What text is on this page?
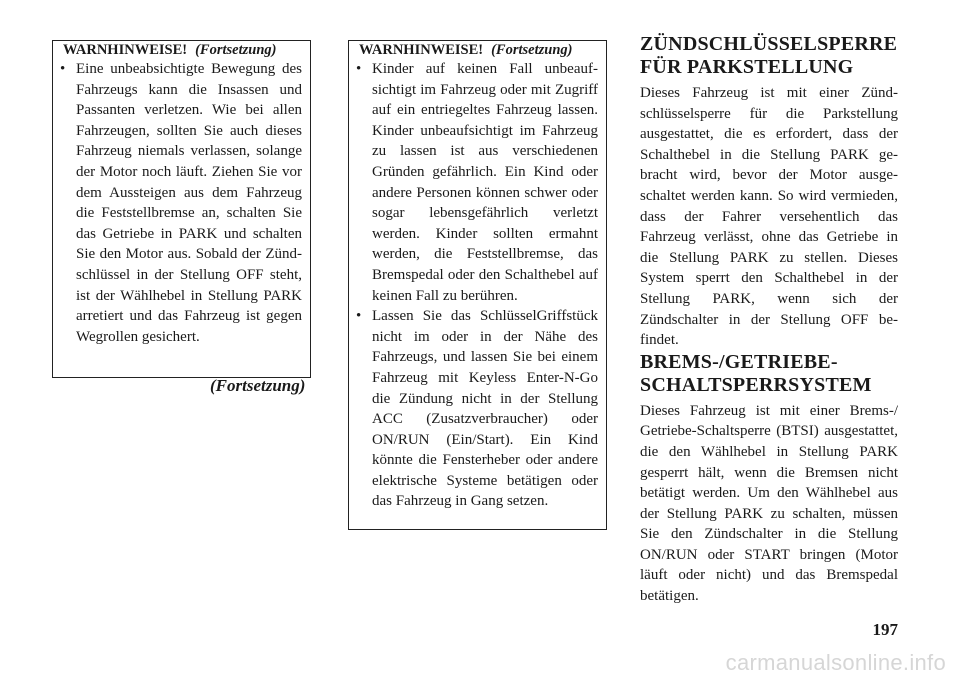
WARNHINWEISE! (Fortsetzung)
• Eine unbeabsichtigte Bewegung des Fahrzeugs kann die Insassen und Passanten verletzen. Wie bei allen Fahrzeugen, sollten Sie auch dieses Fahrzeug niemals verlassen, solange der Motor noch läuft. Ziehen Sie vor dem Aussteigen aus dem Fahrzeug die Feststellbremse an, schalten Sie das Getriebe in PARK und schalten Sie den Motor aus. Sobald der Zündschlüssel in der Stellung OFF steht, ist der Wählhebel in Stellung PARK arretiert und das Fahrzeug ist gegen Wegrollen gesichert.
(Fortsetzung)
WARNHINWEISE! (Fortsetzung)
• Kinder auf keinen Fall unbeaufsichtigt im Fahrzeug oder mit Zugriff auf ein entriegeltes Fahrzeug lassen. Kinder unbeaufsichtigt im Fahrzeug zu lassen ist aus verschiedenen Gründen gefährlich. Ein Kind oder andere Personen können schwer oder sogar lebensgefährlich verletzt werden. Kinder sollten ermahnt werden, die Feststellbremse, das Bremspedal oder den Schalthebel auf keinen Fall zu berühren.
• Lassen Sie das SchlüsselGriffstück nicht im oder in der Nähe des Fahrzeugs, und lassen Sie bei einem Fahrzeug mit Keyless Enter-N-Go die Zündung nicht in der Stellung ACC (Zusatzverbraucher) oder ON/RUN (Ein/Start). Ein Kind könnte die Fensterheber oder andere elektrische Systeme betätigen oder das Fahrzeug in Gang setzen.
ZÜNDSCHLÜSSELSPERRE FÜR PARKSTELLUNG

Dieses Fahrzeug ist mit einer Zündschlüsselsperre für die Parkstellung ausgestattet, die es erfordert, dass der Schalthebel in die Stellung PARK gebracht wird, bevor der Motor ausgeschaltet werden kann. So wird vermieden, dass der Fahrer versehentlich das Fahrzeug verlässt, ohne das Getriebe in die Stellung PARK zu stellen. Dieses System sperrt den Schalthebel in der Stellung PARK, wenn sich der Zündschalter in der Stellung OFF befindet.

BREMS-/GETRIEBESCHALTSPERRSYSTEM

Dieses Fahrzeug ist mit einer Brems-/ Getriebe-Schaltsperre (BTSI) ausgestattet, die den Wählhebel in Stellung PARK gesperrt hält, wenn die Bremsen nicht betätigt werden. Um den Wählhebel aus der Stellung PARK zu schalten, müssen Sie den Zündschalter in die Stellung ON/RUN oder START bringen (Motor läuft oder nicht) und das Bremspedal betätigen.

197
carmanualsonline.info
